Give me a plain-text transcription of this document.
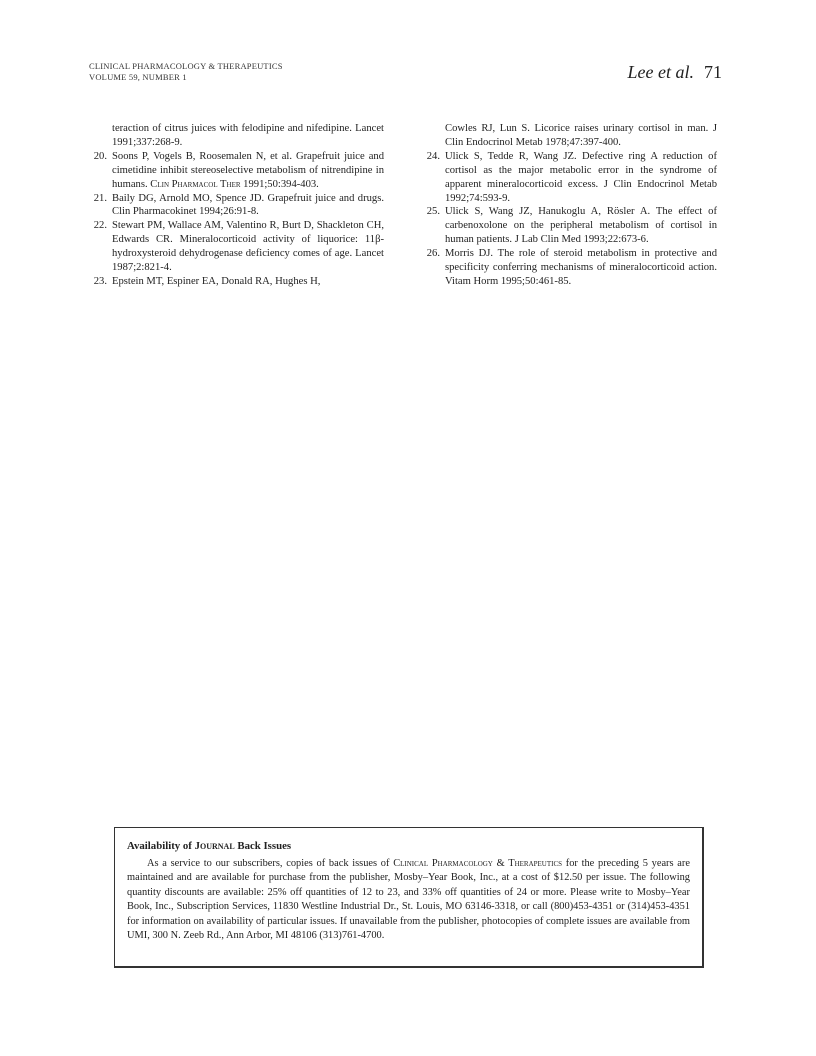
CLINICAL PHARMACOLOGY & THERAPEUTICS
VOLUME 59, NUMBER 1	Lee et al. 71
teraction of citrus juices with felodipine and nifedipine. Lancet 1991;337:268-9.
20. Soons P, Vogels B, Roosemalen N, et al. Grapefruit juice and cimetidine inhibit stereoselective metabolism of nitrendipine in humans. Clin Pharmacol Ther 1991;50:394-403.
21. Baily DG, Arnold MO, Spence JD. Grapefruit juice and drugs. Clin Pharmacokinet 1994;26:91-8.
22. Stewart PM, Wallace AM, Valentino R, Burt D, Shackleton CH, Edwards CR. Mineralocorticoid activity of liquorice: 11β-hydroxysteroid dehydrogenase deficiency comes of age. Lancet 1987;2:821-4.
23. Epstein MT, Espiner EA, Donald RA, Hughes H,
Cowles RJ, Lun S. Licorice raises urinary cortisol in man. J Clin Endocrinol Metab 1978;47:397-400.
24. Ulick S, Tedde R, Wang JZ. Defective ring A reduction of cortisol as the major metabolic error in the syndrome of apparent mineralocorticoid excess. J Clin Endocrinol Metab 1992;74:593-9.
25. Ulick S, Wang JZ, Hanukoglu A, Rösler A. The effect of carbenoxolone on the peripheral metabolism of cortisol in human patients. J Lab Clin Med 1993;22:673-6.
26. Morris DJ. The role of steroid metabolism in protective and specificity conferring mechanisms of mineralocorticoid action. Vitam Horm 1995;50:461-85.
Availability of Journal Back Issues
As a service to our subscribers, copies of back issues of Clinical Pharmacology & Therapeutics for the preceding 5 years are maintained and are available for purchase from the publisher, Mosby–Year Book, Inc., at a cost of $12.50 per issue. The following quantity discounts are available: 25% off quantities of 12 to 23, and 33% off quantities of 24 or more. Please write to Mosby–Year Book, Inc., Subscription Services, 11830 Westline Industrial Dr., St. Louis, MO 63146-3318, or call (800)453-4351 or (314)453-4351 for information on availability of particular issues. If unavailable from the publisher, photocopies of complete issues are available from UMI, 300 N. Zeeb Rd., Ann Arbor, MI 48106 (313)761-4700.
